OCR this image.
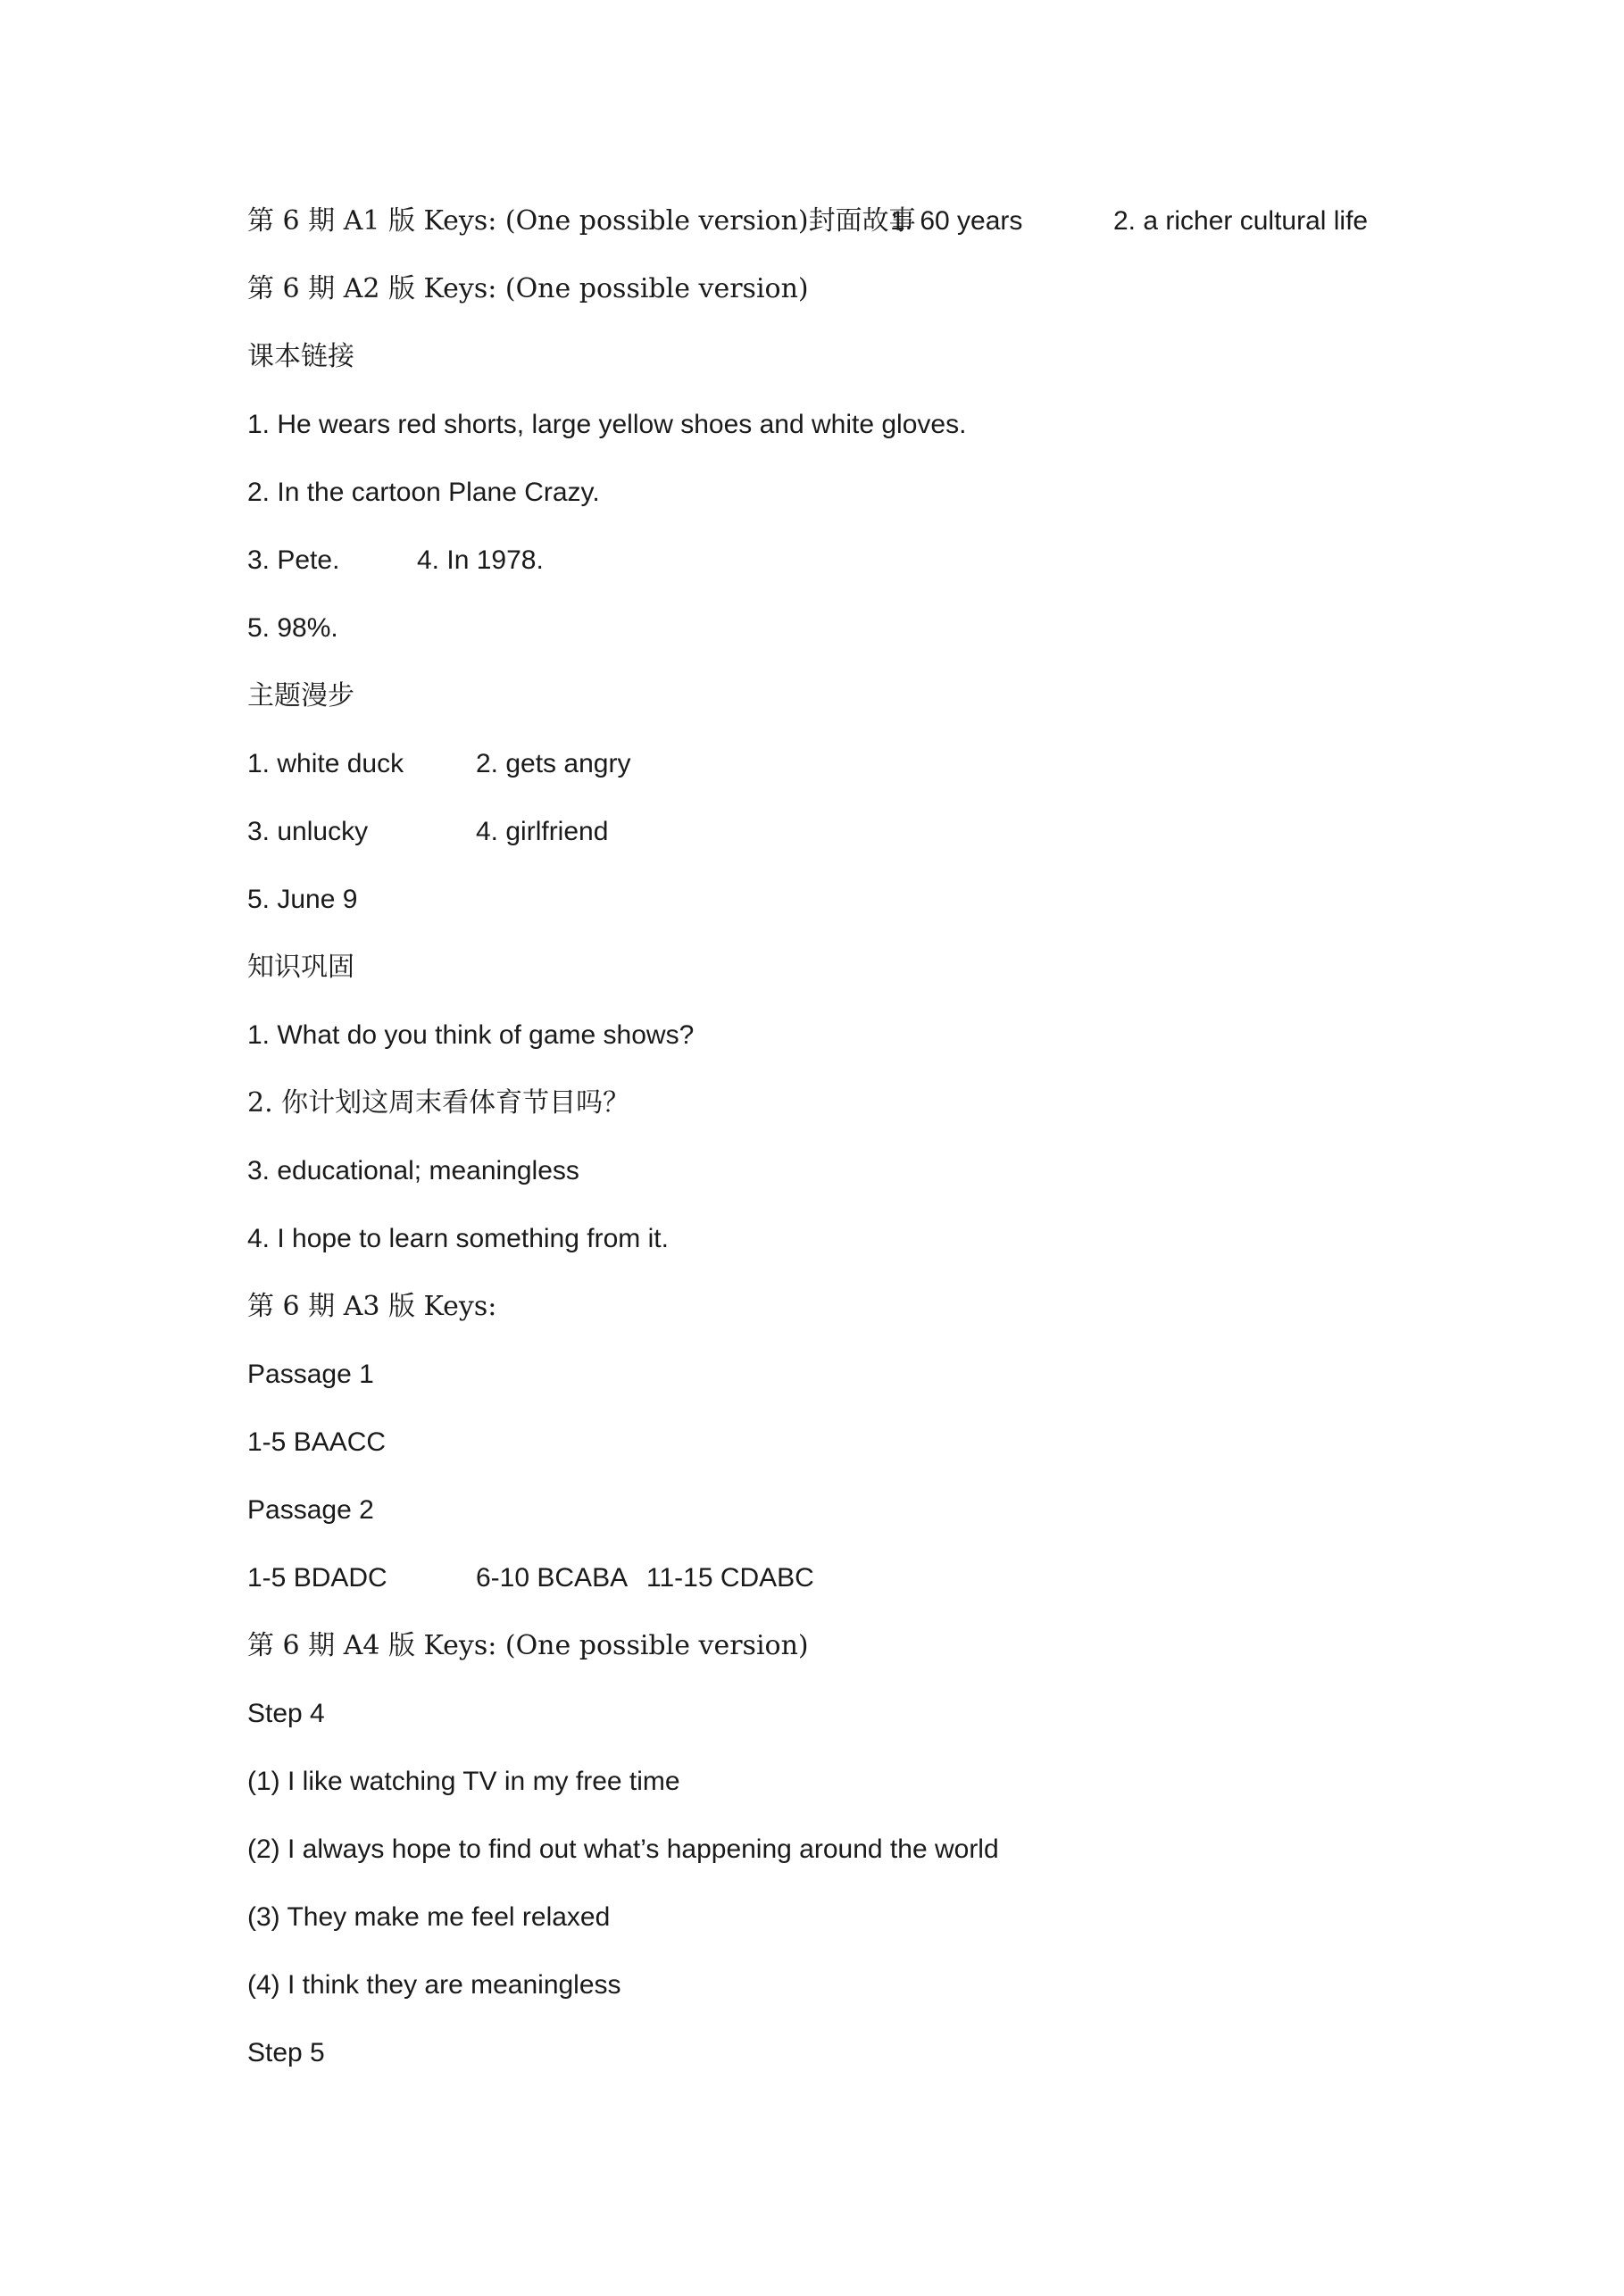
第 6 期 A1 版 Keys: (One possible version)封面故事
1. 60 years	2. a richer cultural life
第 6 期 A2 版 Keys: (One possible version)
课本链接
1. He wears red shorts, large yellow shoes and white gloves.
2. In the cartoon Plane Crazy.
3. Pete.	4. In 1978.
5. 98%.
主题漫步
1. white duck	2. gets angry
3. unlucky	4. girlfriend
5. June 9
知识巩固
1. What do you think of game shows?
2. 你计划这周末看体育节目吗？
3. educational; meaningless
4. I hope to learn something from it.
第 6 期 A3 版 Keys:
Passage 1
1-5 BAACC
Passage 2
1-5 BDADC	6-10 BCABA 11-15 CDABC
第 6 期 A4 版 Keys: (One possible version)
Step 4
(1) I like watching TV in my free time
(2) I always hope to find out what’s happening around the world
(3) They make me feel relaxed
(4) I think they are meaningless
Step 5
